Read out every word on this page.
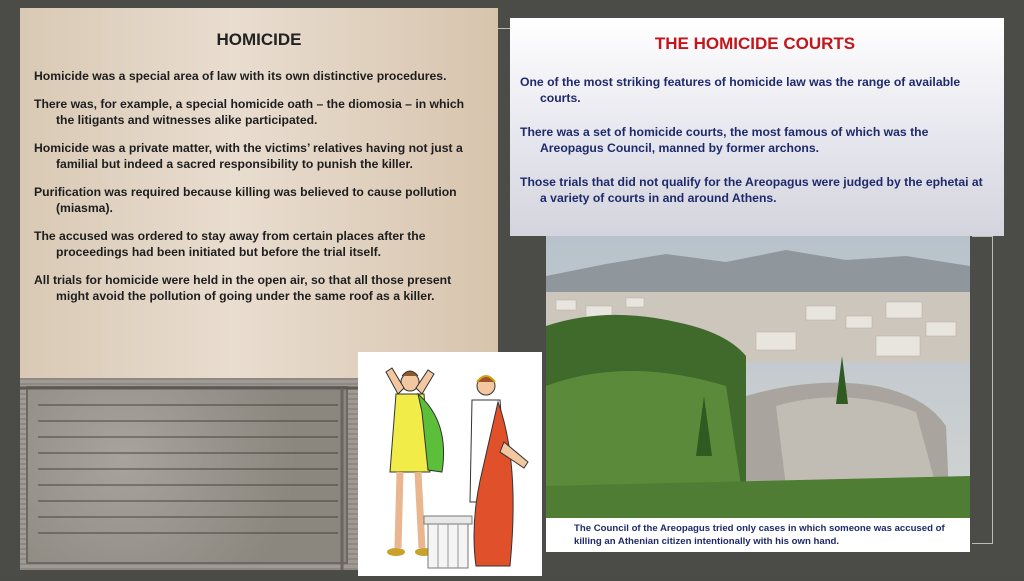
HOMICIDE

Homicide was a special area of law with its own distinctive procedures.

There was, for example, a special homicide oath – the diomosia – in which the litigants and witnesses alike participated.

Homicide was a private matter, with the victims’ relatives having not just a familial but indeed a sacred responsibility to punish the killer.

Purification was required because killing was believed to cause pollution (miasma).

The accused was ordered to stay away from certain places after the proceedings had been initiated but before the trial itself.

All trials for homicide were held in the open air, so that all those present might avoid the pollution of going under the same roof as a killer.

THE HOMICIDE COURTS

One of the most striking features of homicide law was the range of available courts.

There was a set of homicide courts, the most famous of which was the Areopagus Council, manned by former archons.

Those trials that did not qualify for the Areopagus were judged by the ephetai at a variety of courts in and around Athens.

The Council of the Areopagus tried only cases in which someone was accused of killing an Athenian citizen intentionally with his own hand.
